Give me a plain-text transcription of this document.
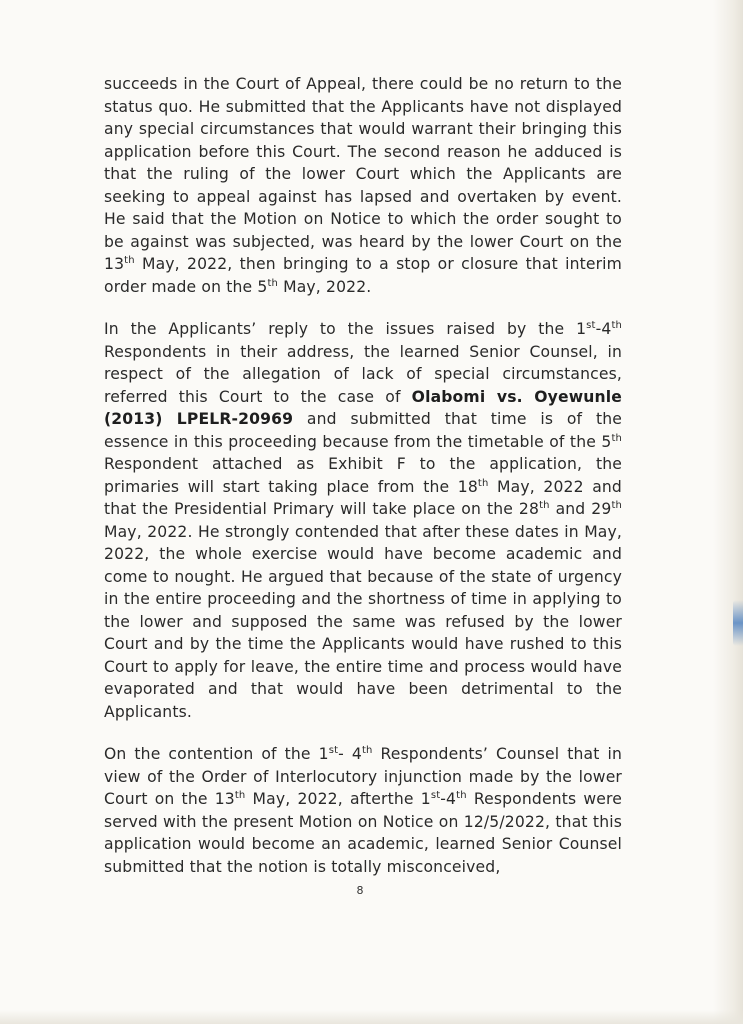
succeeds in the Court of Appeal, there could be no return to the status quo. He submitted that the Applicants have not displayed any special circumstances that would warrant their bringing this application before this Court. The second reason he adduced is that the ruling of the lower Court which the Applicants are seeking to appeal against has lapsed and overtaken by event. He said that the Motion on Notice to which the order sought to be against was subjected, was heard by the lower Court on the 13th May, 2022, then bringing to a stop or closure that interim order made on the 5th May, 2022.

In the Applicants’ reply to the issues raised by the 1st-4th Respondents in their address, the learned Senior Counsel, in respect of the allegation of lack of special circumstances, referred this Court to the case of Olabomi vs. Oyewunle (2013) LPELR-20969 and submitted that time is of the essence in this proceeding because from the timetable of the 5th Respondent attached as Exhibit F to the application, the primaries will start taking place from the 18th May, 2022 and that the Presidential Primary will take place on the 28th and 29th May, 2022. He strongly contended that after these dates in May, 2022, the whole exercise would have become academic and come to nought. He argued that because of the state of urgency in the entire proceeding and the shortness of time in applying to the lower and supposed the same was refused by the lower Court and by the time the Applicants would have rushed to this Court to apply for leave, the entire time and process would have evaporated and that would have been detrimental to the Applicants.

On the contention of the 1st- 4th Respondents’ Counsel that in view of the Order of Interlocutory injunction made by the lower Court on the 13th May, 2022, afterthe 1st-4th Respondents were served with the present Motion on Notice on 12/5/2022, that this application would become an academic, learned Senior Counsel submitted that the notion is totally misconceived,

8
